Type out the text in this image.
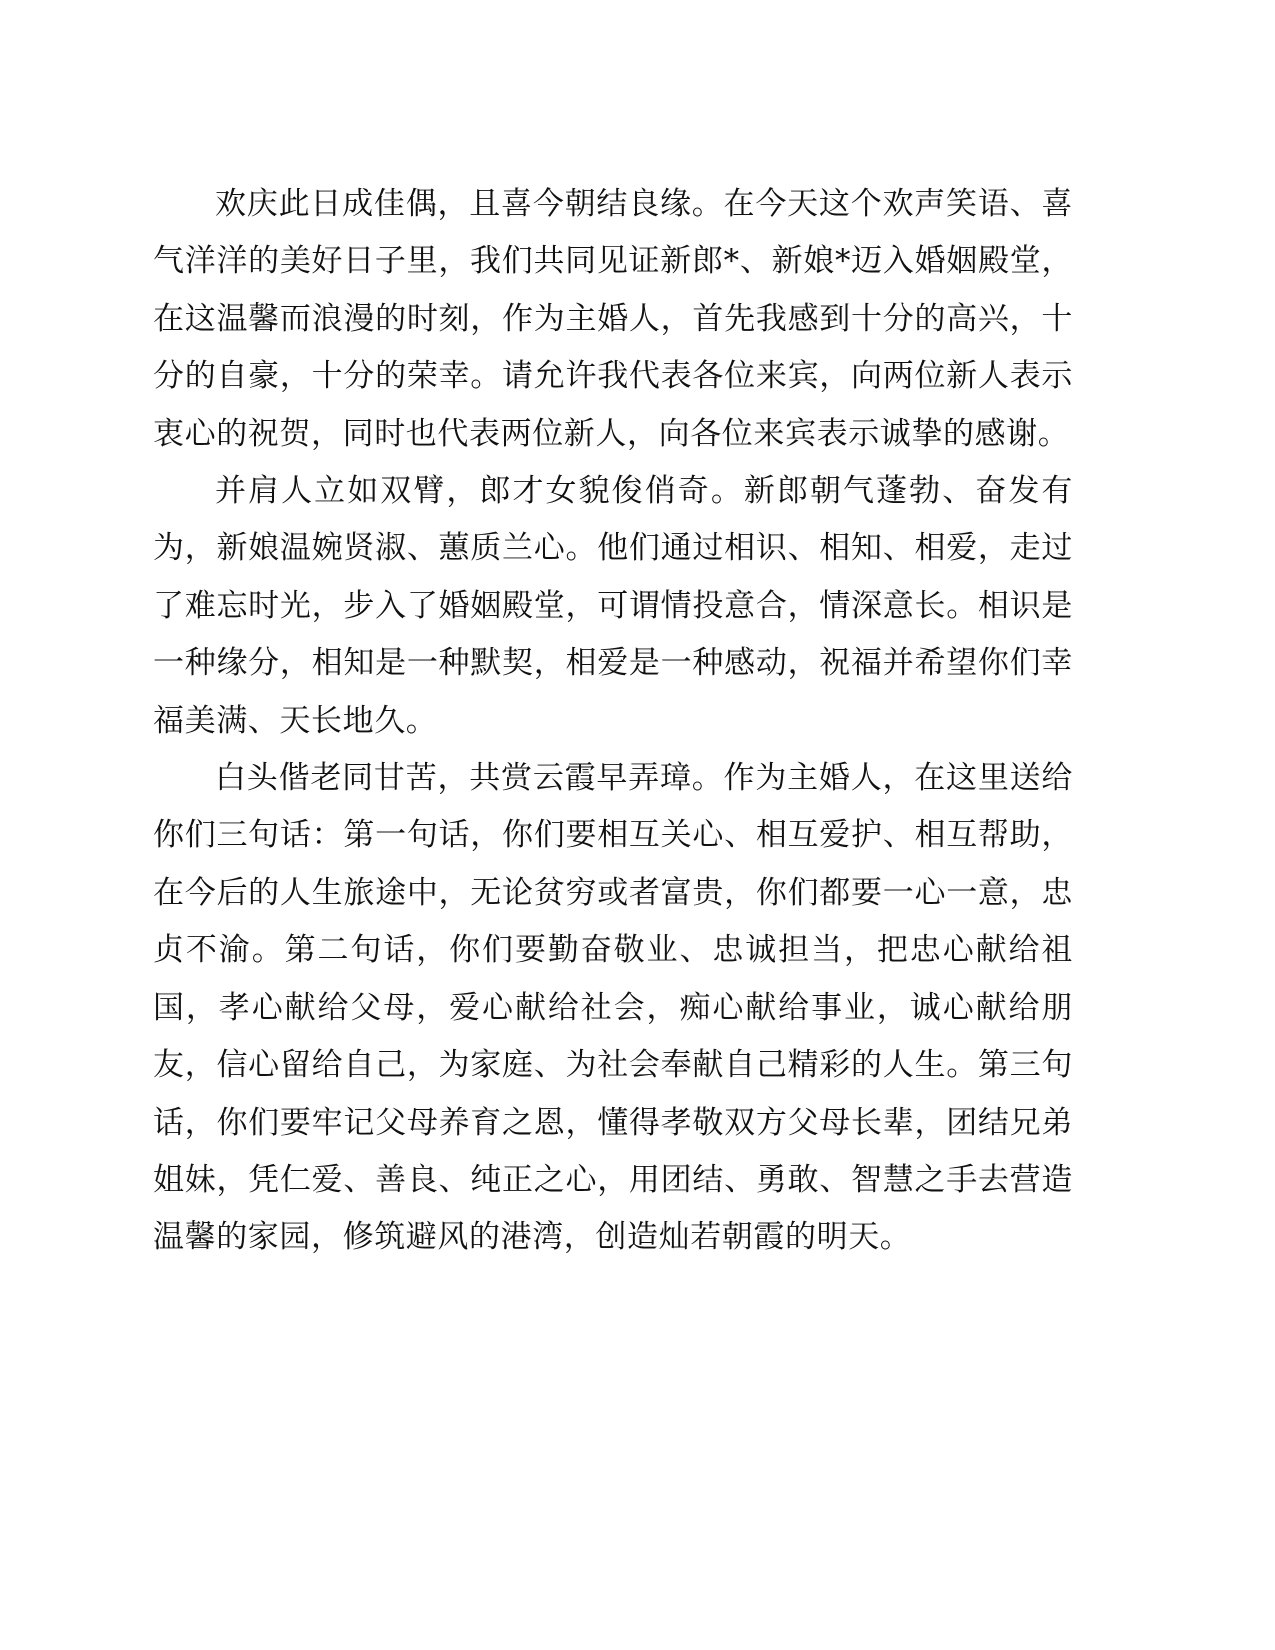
欢庆此日成佳偶，且喜今朝结良缘。在今天这个欢声笑语、喜气洋洋的美好日子里，我们共同见证新郎*、新娘*迈入婚姻殿堂，在这温馨而浪漫的时刻，作为主婚人，首先我感到十分的高兴，十分的自豪，十分的荣幸。请允许我代表各位来宾，向两位新人表示衷心的祝贺，同时也代表两位新人，向各位来宾表示诚挚的感谢。

并肩人立如双臂，郎才女貌俊俏奇。新郎朝气蓬勃、奋发有为，新娘温婉贤淑、蕙质兰心。他们通过相识、相知、相爱，走过了难忘时光，步入了婚姻殿堂，可谓情投意合，情深意长。相识是一种缘分，相知是一种默契，相爱是一种感动，祝福并希望你们幸福美满、天长地久。

白头偕老同甘苦，共赏云霞早弄璋。作为主婚人，在这里送给你们三句话：第一句话，你们要相互关心、相互爱护、相互帮助，在今后的人生旅途中，无论贫穷或者富贵，你们都要一心一意，忠贞不渝。第二句话，你们要勤奋敬业、忠诚担当，把忠心献给祖国，孝心献给父母，爱心献给社会，痴心献给事业，诚心献给朋友，信心留给自己，为家庭、为社会奉献自己精彩的人生。第三句话，你们要牢记父母养育之恩，懂得孝敬双方父母长辈，团结兄弟姐妹，凭仁爱、善良、纯正之心，用团结、勇敢、智慧之手去营造温馨的家园，修筑避风的港湾，创造灿若朝霞的明天。
